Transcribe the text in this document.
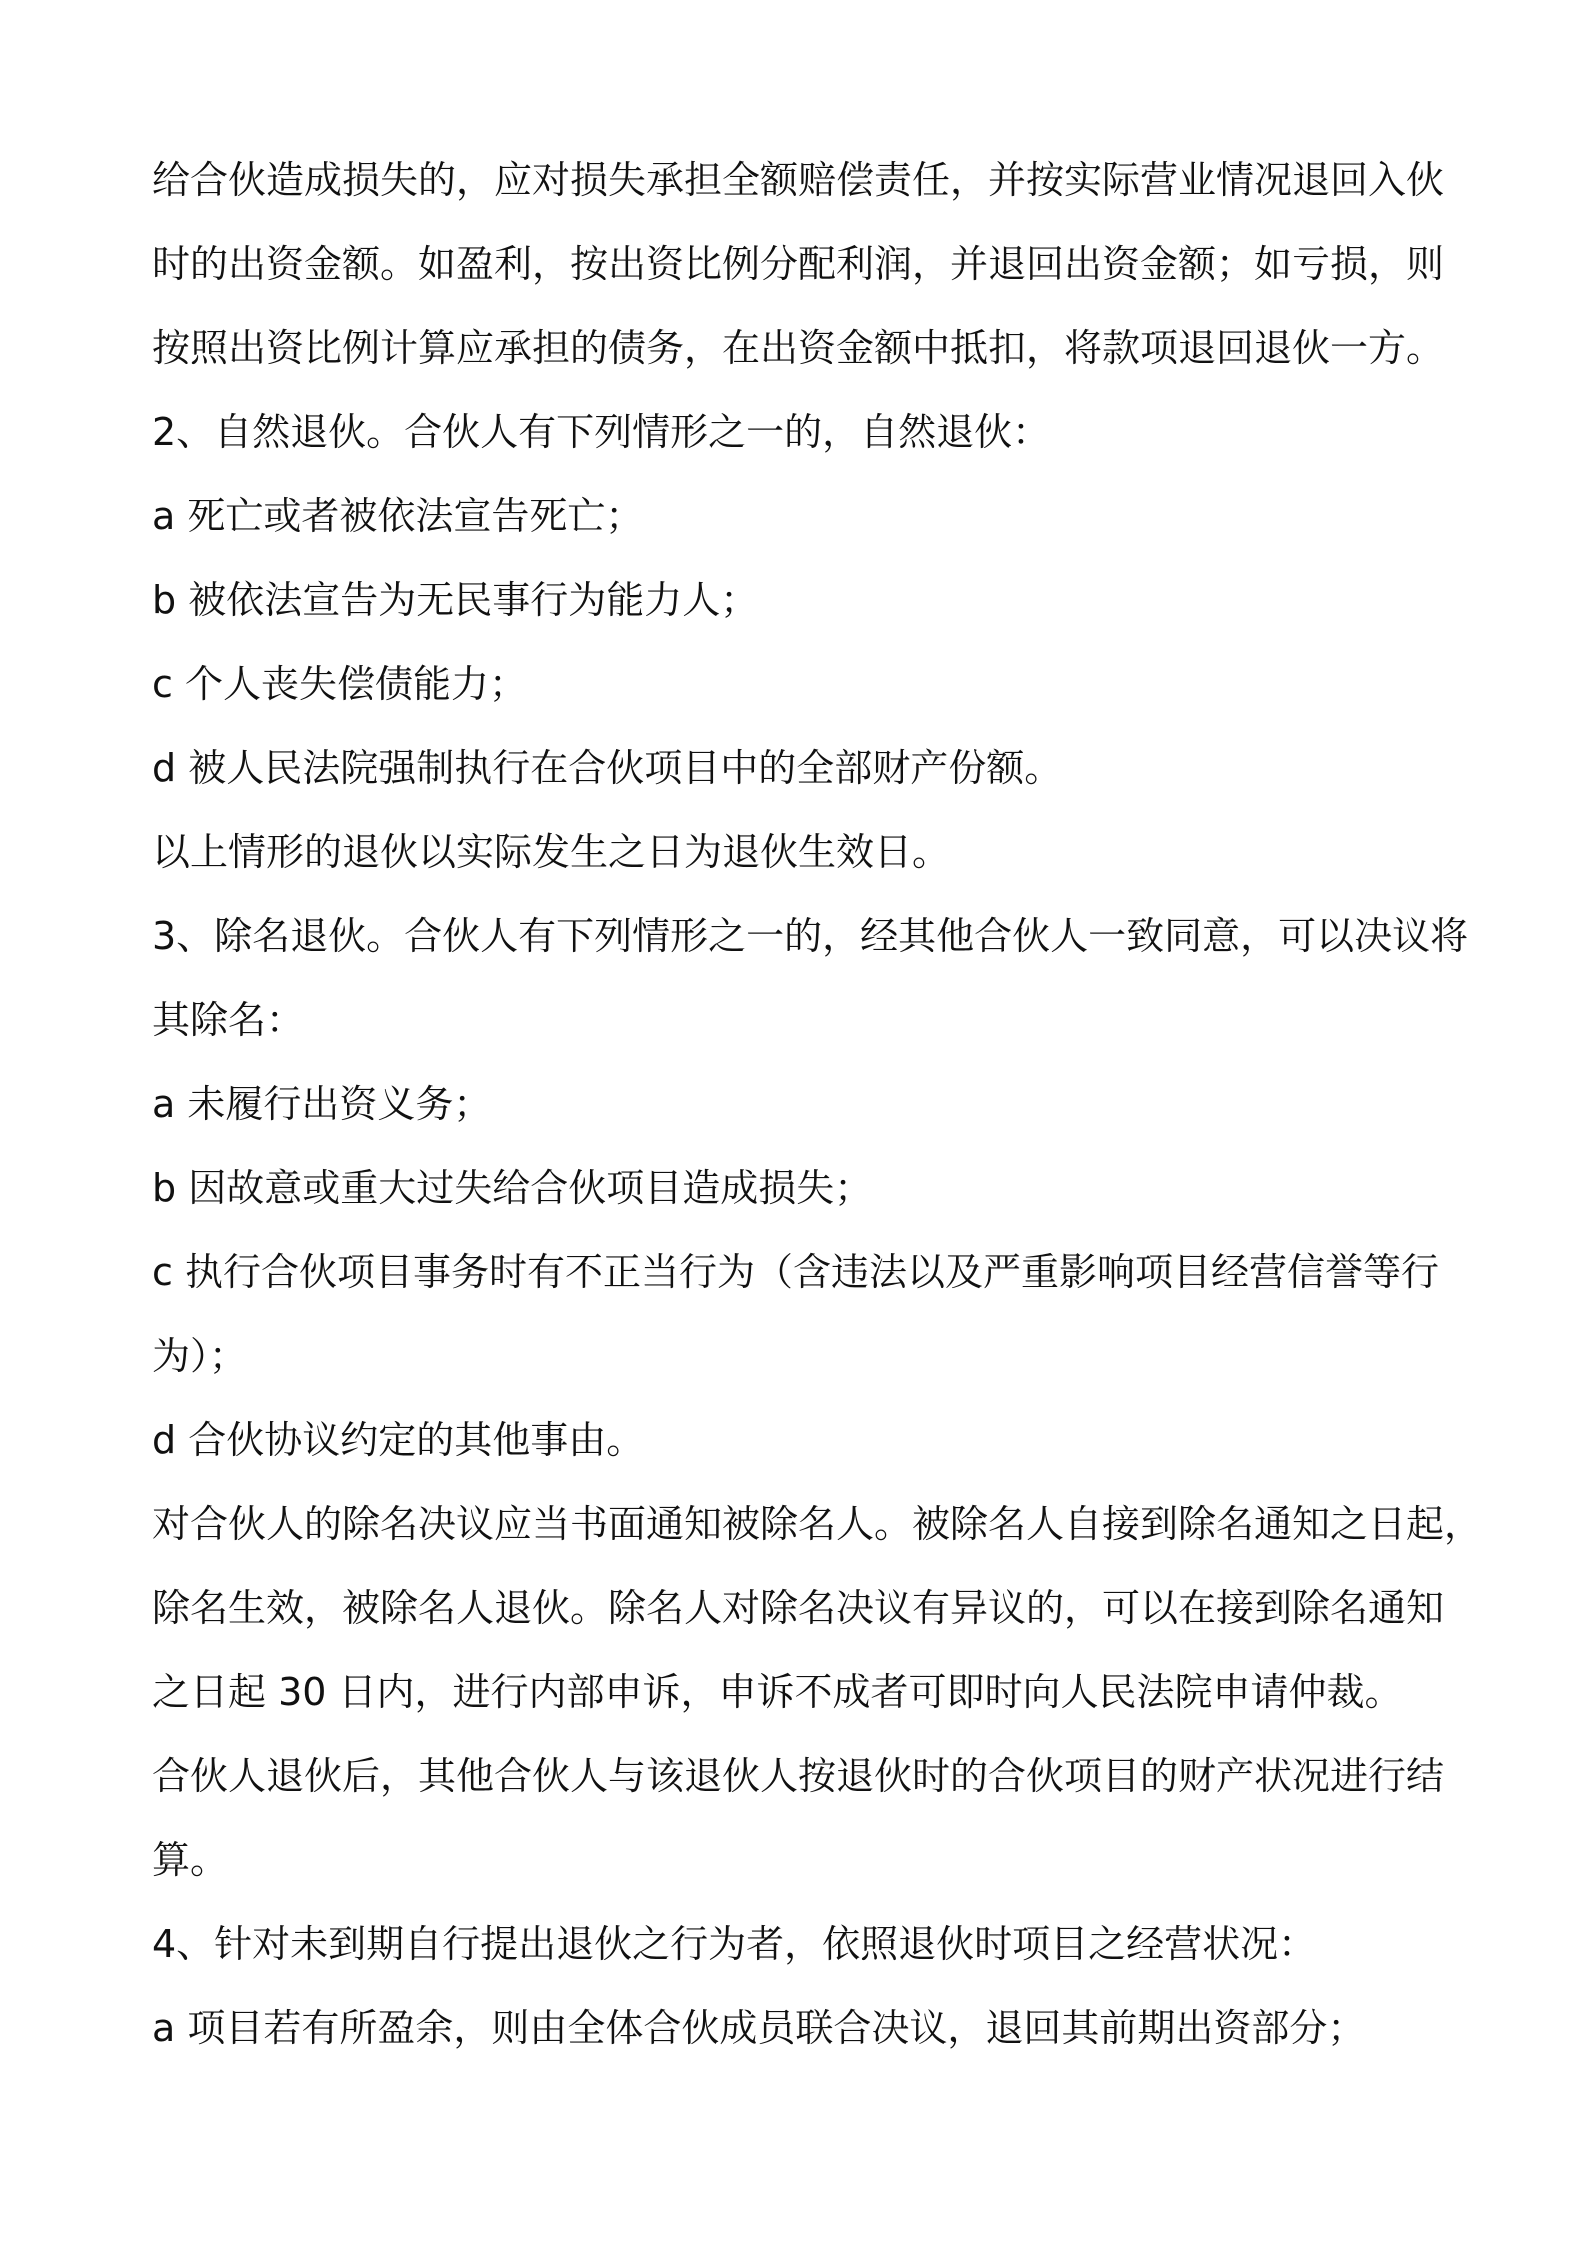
给合伙造成损失的，应对损失承担全额赔偿责任，并按实际营业情况退回入伙
时的出资金额。如盈利，按出资比例分配利润，并退回出资金额；如亏损，则
按照出资比例计算应承担的债务，在出资金额中抵扣，将款项退回退伙一方。
2、自然退伙。合伙人有下列情形之一的，自然退伙：
a 死亡或者被依法宣告死亡；
b 被依法宣告为无民事行为能力人；
c 个人丧失偿债能力；
d 被人民法院强制执行在合伙项目中的全部财产份额。
以上情形的退伙以实际发生之日为退伙生效日。
3、除名退伙。合伙人有下列情形之一的，经其他合伙人一致同意，可以决议将
其除名：
a 未履行出资义务；
b 因故意或重大过失给合伙项目造成损失；
c 执行合伙项目事务时有不正当行为（含违法以及严重影响项目经营信誉等行
为）；
d 合伙协议约定的其他事由。
对合伙人的除名决议应当书面通知被除名人。被除名人自接到除名通知之日起，
除名生效，被除名人退伙。除名人对除名决议有异议的，可以在接到除名通知
之日起 30 日内，进行内部申诉，申诉不成者可即时向人民法院申请仲裁。
合伙人退伙后，其他合伙人与该退伙人按退伙时的合伙项目的财产状况进行结
算。
4、针对未到期自行提出退伙之行为者，依照退伙时项目之经营状况：
a 项目若有所盈余，则由全体合伙成员联合决议，退回其前期出资部分；
